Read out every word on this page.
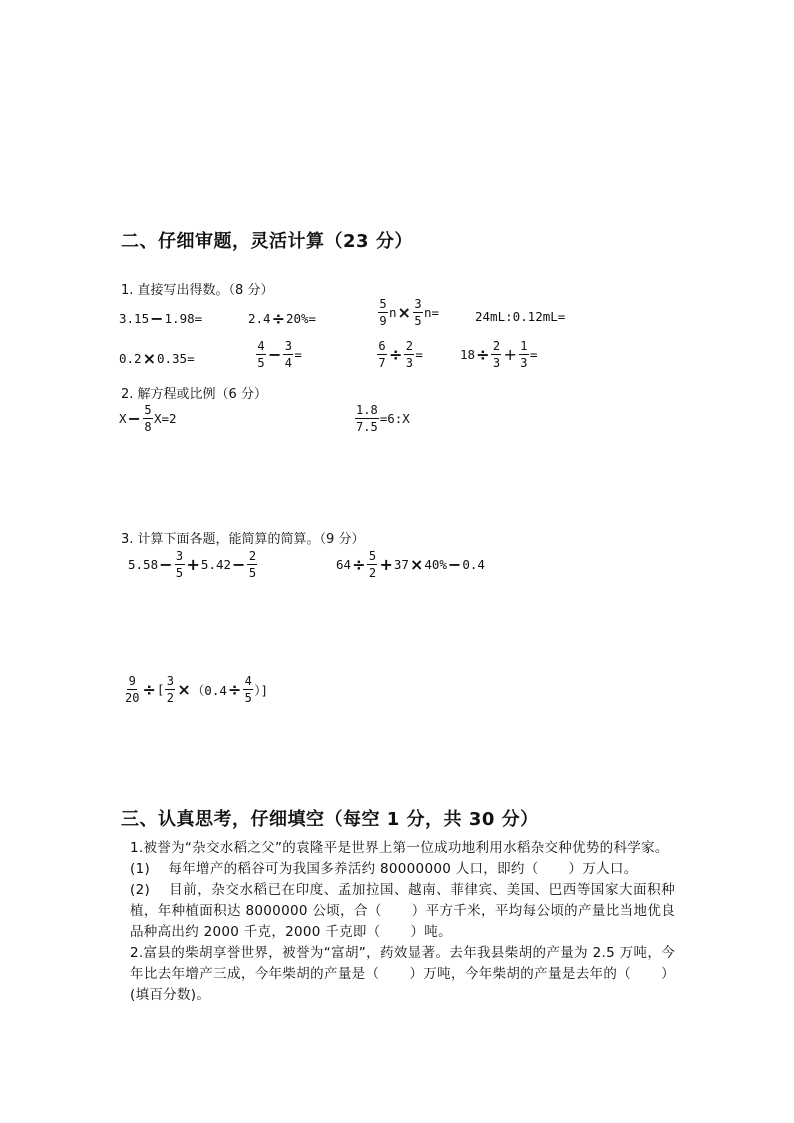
二、仔细审题，灵活计算（23 分）
1. 直接写出得数。（8 分）
3.15 − 1.98=	2.4 ÷ 20%=	$\frac{5}{9}$ $n \times \frac{3}{5} n=$	24mL:0.12mL=
0.2 × 0.35=	$\frac{4}{5} - \frac{3}{4}$ =	$\frac{6}{7} \div \frac{2}{3}$ =	$18 \div \frac{2}{3} + \frac{1}{3}$ =
2. 解方程或比例（6 分）
$X - \frac{5}{8} X=2$	$\frac{1.8}{7.5}$ =6:X
3. 计算下面各题，能简算的简算。（9 分）
$5.58 - \frac{3}{5} + 5.42 - \frac{2}{5}$	$64 \div \frac{5}{2} + 37 \times 40\% - 0.4$
$\frac{9}{20}$ ÷ [ $\frac{3}{2} \times (0.4 \div \frac{4}{5}$ ）]
三、认真思考，仔细填空（每空 1 分，共 30 分）

1.被誉为“杂交水稻之父”的袁隆平是世界上第一位成功地利用水稻杂交种优势的科学家。

(1)　 每年增产的稻谷可为我国多养活约 80000000 人口，即约（ ）万人口。

(2)　 目前，杂交水稻已在印度、孟加拉国、越南、菲律宾、美国、巴西等国家大面积种植，年种植面积达 8000000 公顷，合（ ）平方千米，平均每公顷的产量比当地优良品种高出约 2000 千克，2000 千克即（ ）吨。

2.富县的柴胡享誉世界，被誉为“富胡”，药效显著。去年我县柴胡的产量为 2.5 万吨，今年比去年增产三成，今年柴胡的产量是（ ）万吨，今年柴胡的产量是去年的（ ）(填百分数)。
